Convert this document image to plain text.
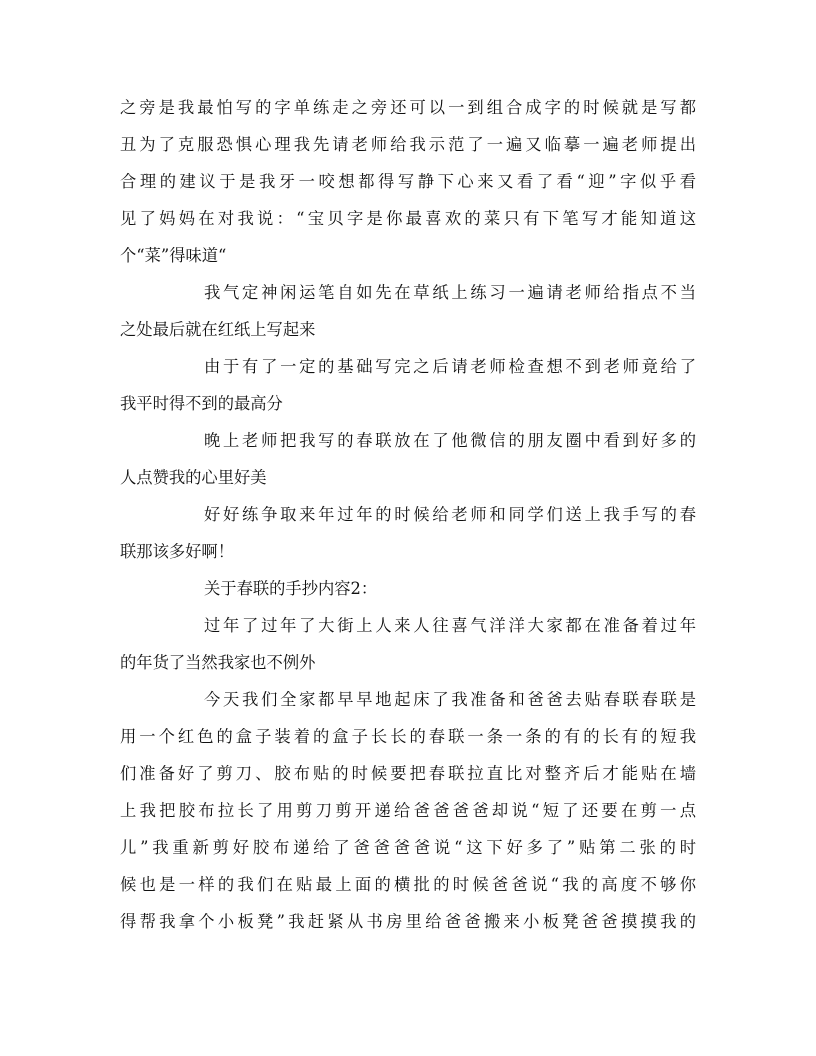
之旁是我最怕写的字单练走之旁还可以一到组合成字的时候就是写都
丑为了克服恐惧心理我先请老师给我示范了一遍又临摹一遍老师提出
合理的建议于是我牙一咬想都得写静下心来又看了看“迎”字似乎看
见了妈妈在对我说：“宝贝字是你最喜欢的菜只有下笔写才能知道这
个“菜”得味道“
我气定神闲运笔自如先在草纸上练习一遍请老师给指点不当
之处最后就在红纸上写起来
由于有了一定的基础写完之后请老师检查想不到老师竟给了
我平时得不到的最高分
晚上老师把我写的春联放在了他微信的朋友圈中看到好多的
人点赞我的心里好美
好好练争取来年过年的时候给老师和同学们送上我手写的春
联那该多好啊！
关于春联的手抄内容2：
过年了过年了大街上人来人往喜气洋洋大家都在准备着过年
的年货了当然我家也不例外
今天我们全家都早早地起床了我准备和爸爸去贴春联春联是
用一个红色的盒子装着的盒子长长的春联一条一条的有的长有的短我
们准备好了剪刀、胶布贴的时候要把春联拉直比对整齐后才能贴在墙
上我把胶布拉长了用剪刀剪开递给爸爸爸爸却说“短了还要在剪一点
儿”我重新剪好胶布递给了爸爸爸爸说“这下好多了”贴第二张的时
候也是一样的我们在贴最上面的横批的时候爸爸说“我的高度不够你
得帮我拿个小板凳”我赶紧从书房里给爸爸搬来小板凳爸爸摸摸我的
